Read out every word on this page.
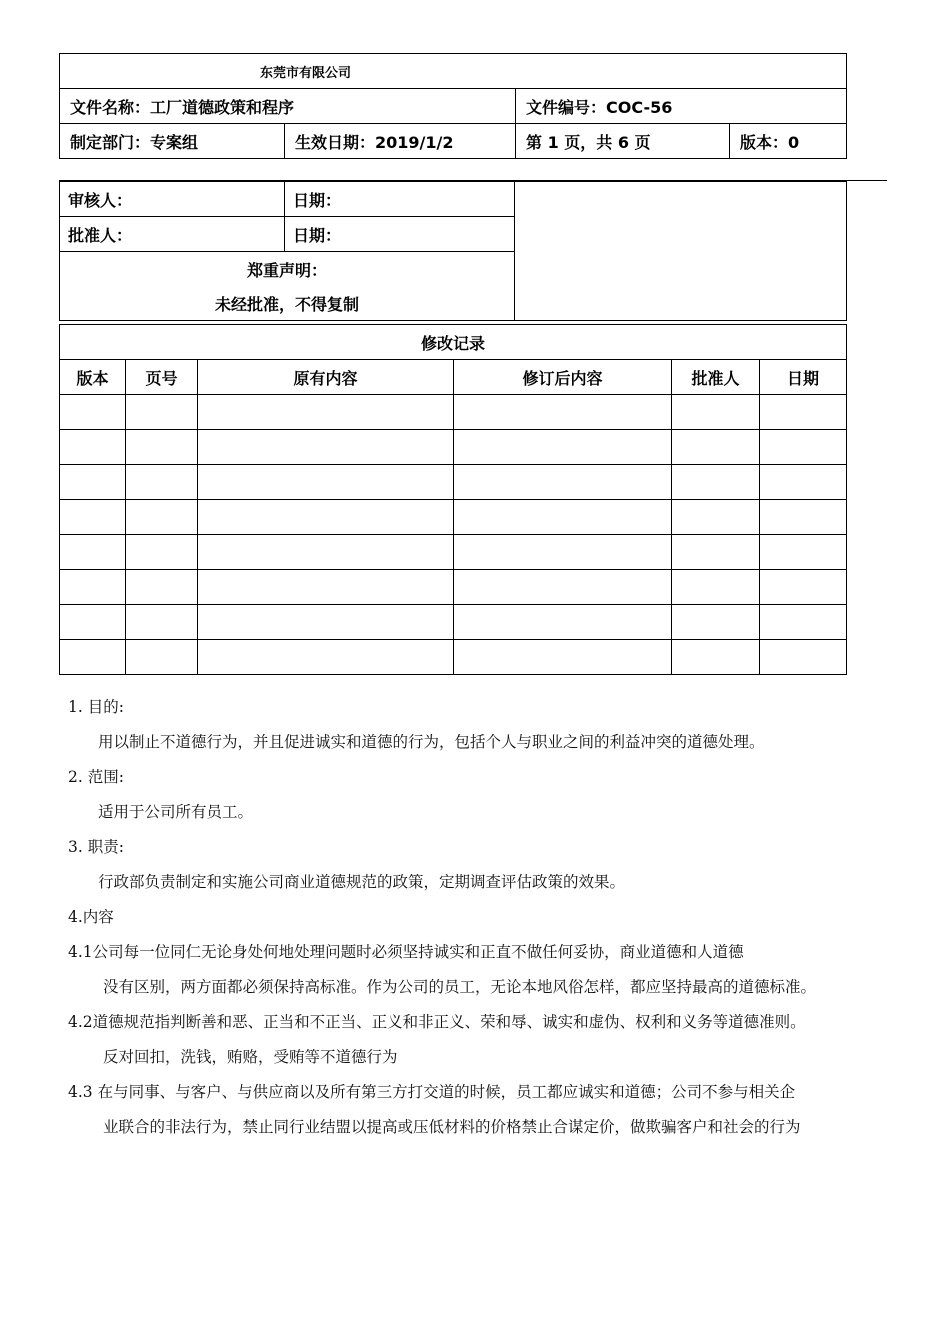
东莞市有限公司			
文件名称：工厂道德政策和程序		文件编号：COC-56	
制定部门：专案组	生效日期：2019/1/2	第 1 页，共 6 页	版本：0
审核人：	日期：	
批准人：	日期：	
郑重声明：		
未经批准，不得复制		
修改记录					
版本	页号	原有内容	修订后内容	批准人	日期

1. 目的:

用以制止不道德行为，并且促进诚实和道德的行为，包括个人与职业之间的利益冲突的道德处理。

2. 范围:

适用于公司所有员工。

3. 职责:

行政部负责制定和实施公司商业道德规范的政策，定期调查评估政策的效果。

4.内容

4.1公司每一位同仁无论身处何地处理问题时必须坚持诚实和正直不做任何妥协，商业道德和人道德

没有区别，两方面都必须保持高标准。作为公司的员工，无论本地风俗怎样，都应坚持最高的道德标准。

4.2道德规范指判断善和恶、正当和不正当、正义和非正义、荣和辱、诚实和虚伪、权利和义务等道德准则。

反对回扣，洗钱，贿赂，受贿等不道德行为

4.3 在与同事、与客户、与供应商以及所有第三方打交道的时候，员工都应诚实和道德；公司不参与相关企

业联合的非法行为，禁止同行业结盟以提高或压低材料的价格禁止合谋定价，做欺骗客户和社会的行为
